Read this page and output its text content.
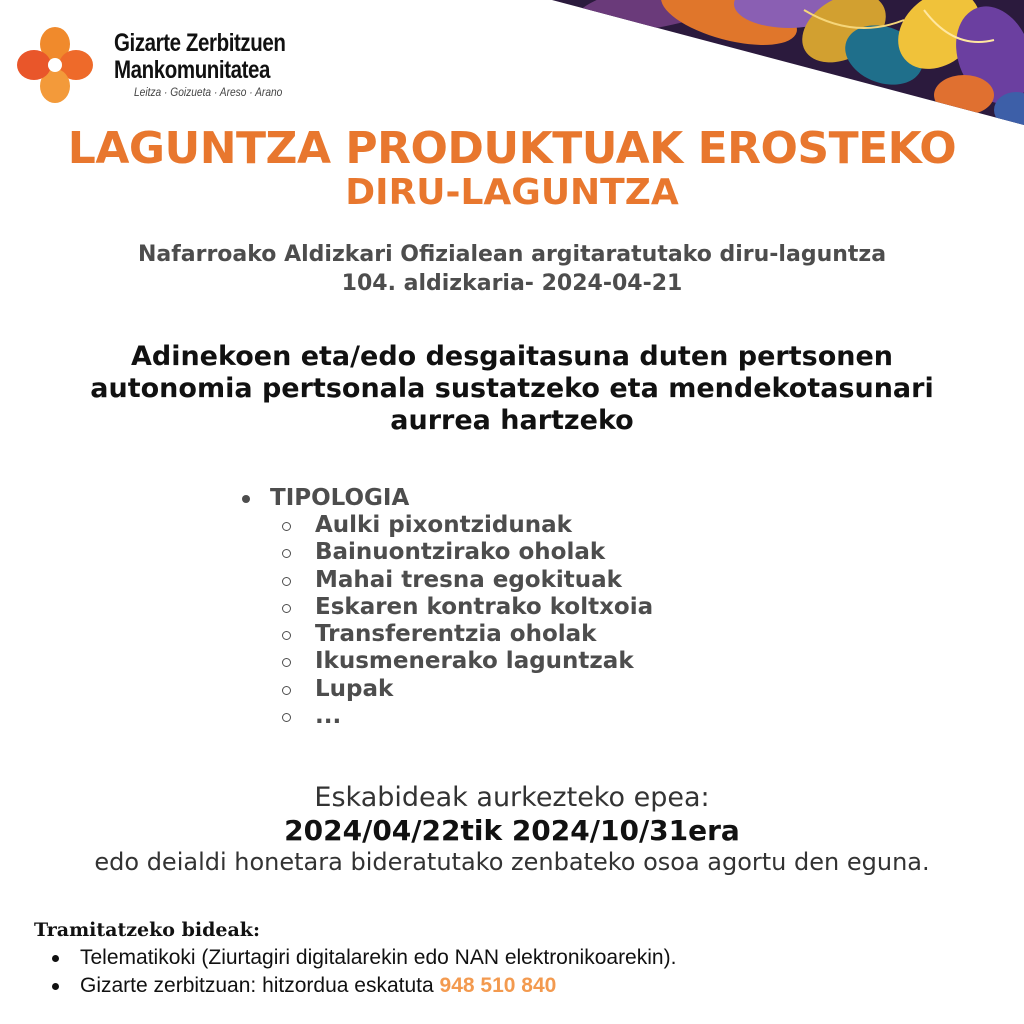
Gizarte Zerbitzuen
Mankomunitatea
Leitza · Goizueta · Areso · Arano
LAGUNTZA PRODUKTUAK EROSTEKO
DIRU-LAGUNTZA
Nafarroako Aldizkari Ofizialean argitaratutako diru-laguntza
104. aldizkaria- 2024-04-21
Adinekoen eta/edo desgaitasuna duten pertsonen
autonomia pertsonala sustatzeko eta mendekotasunari
aurrea hartzeko
TIPOLOGIA
Aulki pixontzidunak
Bainuontzirako oholak
Mahai tresna egokituak
Eskaren kontrako koltxoia
Transferentzia oholak
Ikusmenerako laguntzak
Lupak
...
Eskabideak aurkezteko epea:
2024/04/22tik 2024/10/31era
edo deialdi honetara bideratutako zenbateko osoa agortu den eguna.
Tramitatzeko bideak:
Telematikoki (Ziurtagiri digitalarekin edo NAN elektronikoarekin).
Gizarte zerbitzuan: hitzordua eskatuta 948 510 840
